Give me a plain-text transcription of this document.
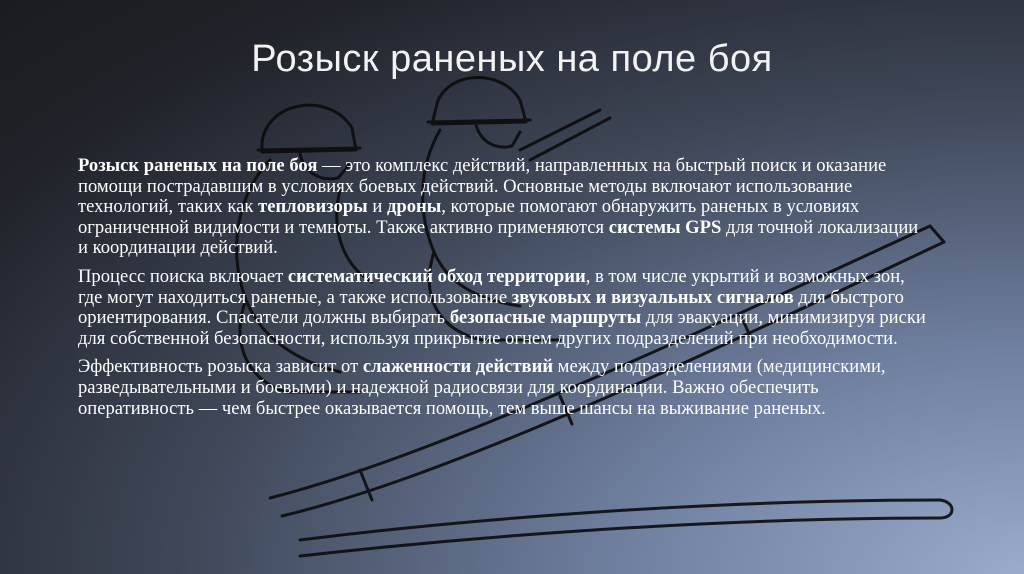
Розыск раненых на поле боя

Розыск раненых на поле боя — это комплекс действий, направленных на быстрый поиск и оказание помощи пострадавшим в условиях боевых действий. Основные методы включают использование технологий, таких как тепловизоры и дроны, которые помогают обнаружить раненых в условиях ограниченной видимости и темноты. Также активно применяются системы GPS для точной локализации и координации действий.

Процесс поиска включает систематический обход территории, в том числе укрытий и возможных зон, где могут находиться раненые, а также использование звуковых и визуальных сигналов для быстрого ориентирования. Спасатели должны выбирать безопасные маршруты для эвакуации, минимизируя риски для собственной безопасности, используя прикрытие огнем других подразделений при необходимости.

Эффективность розыска зависит от слаженности действий между подразделениями (медицинскими, разведывательными и боевыми) и надежной радиосвязи для координации. Важно обеспечить оперативность — чем быстрее оказывается помощь, тем выше шансы на выживание раненых.
